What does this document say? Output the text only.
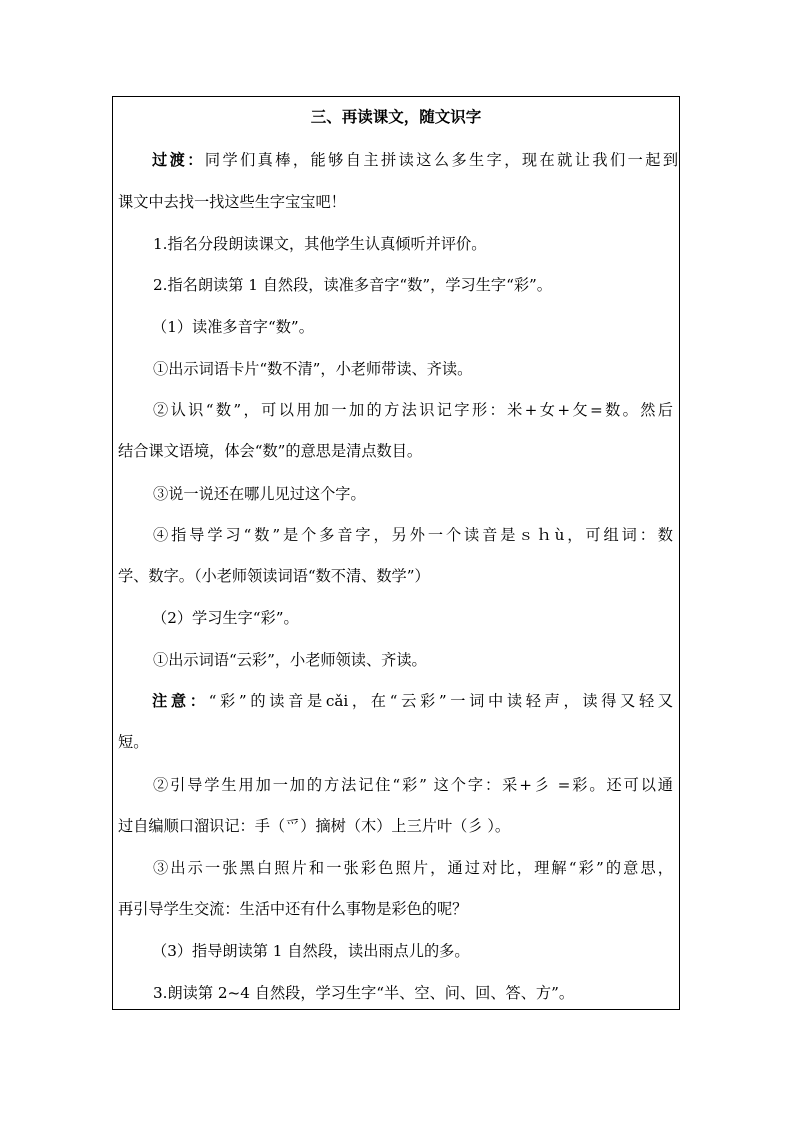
三、再读课文，随文识字
过渡：同学们真棒，能够自主拼读这么多生字，现在就让我们一起到
课文中去找一找这些生字宝宝吧！
1.指名分段朗读课文，其他学生认真倾听并评价。
2.指名朗读第 1 自然段，读准多音字“数”，学习生字“彩”。
（1）读准多音字“数”。
①出示词语卡片“数不清”，小老师带读、齐读。
②认识“数”，可以用加一加的方法识记字形：米+女+攵=数。然后
结合课文语境，体会“数”的意思是清点数目。
③说一说还在哪儿见过这个字。
④指导学习“数”是个多音字，另外一个读音是ｓｈù，可组词：数
学、数字。（小老师领读词语“数不清、数学”）
（2）学习生字“彩”。
①出示词语“云彩”，小老师领读、齐读。
注意：“彩”的读音是cǎi，在“云彩”一词中读轻声，读得又轻又
短。
②引导学生用加一加的方法记住“彩” 这个字：采+彡 =彩。还可以通
过自编顺口溜识记：手（爫）摘树（木）上三片叶（彡 ）。
③出示一张黑白照片和一张彩色照片，通过对比，理解“彩”的意思，
再引导学生交流：生活中还有什么事物是彩色的呢？
（3）指导朗读第 1 自然段，读出雨点儿的多。
3.朗读第 2~4 自然段，学习生字“半、空、问、回、答、方”。
